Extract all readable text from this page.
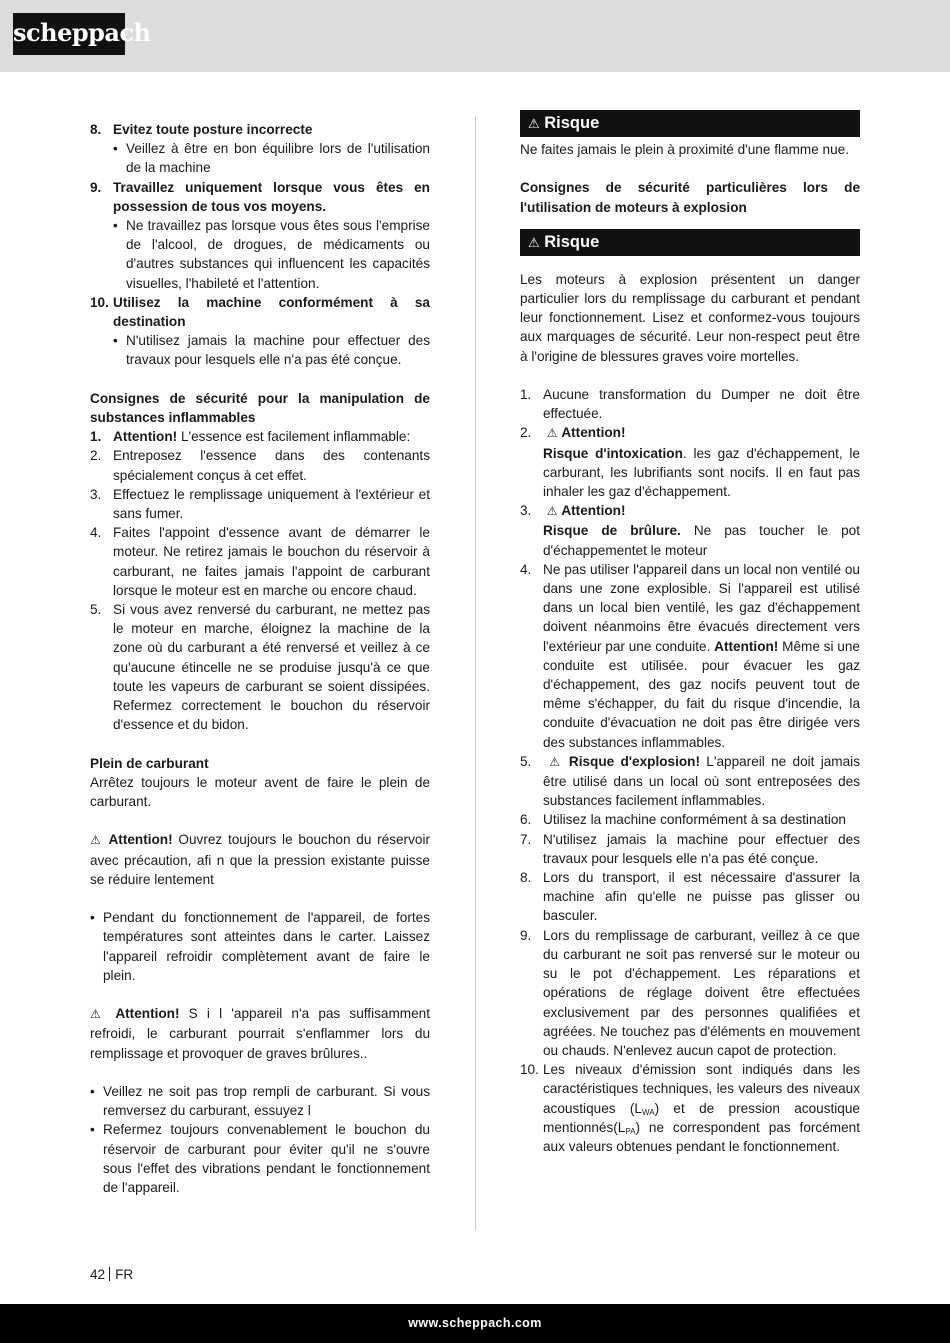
scheppach
8. Evitez toute posture incorrecte
• Veillez à être en bon équilibre lors de l'utilisation de la machine
9. Travaillez uniquement lorsque vous êtes en possession de tous vos moyens.
• Ne travaillez pas lorsque vous êtes sous l'emprise de l'alcool, de drogues, de médicaments ou d'autres substances qui influencent les capacités visuelles, l'habileté et l'attention.
10. Utilisez la machine conformément à sa destination
• N'utilisez jamais la machine pour effectuer des travaux pour lesquels elle n'a pas été conçue.
Consignes de sécurité pour la manipulation de substances inflammables
1. Attention! L'essence est facilement inflammable:
2. Entreposez l'essence dans des contenants spécialement conçus à cet effet.
3. Effectuez le remplissage uniquement à l'extérieur et sans fumer.
4. Faites l'appoint d'essence avant de démarrer le moteur. Ne retirez jamais le bouchon du réservoir à carburant, ne faites jamais l'appoint de carburant lorsque le moteur est en marche ou encore chaud.
5. Si vous avez renversé du carburant, ne mettez pas le moteur en marche, éloignez la machine de la zone où du carburant a été renversé et veillez à ce qu'aucune étincelle ne se produise jusqu'à ce que toute les vapeurs de carburant se soient dissipées. Refermez correctement le bouchon du réservoir d'essence et du bidon.
Plein de carburant
Arrêtez toujours le moteur avent de faire le plein de carburant.
⚠ Attention! Ouvrez toujours le bouchon du réservoir avec précaution, afi n que la pression existante puisse se réduire lentement
• Pendant du fonctionnement de l'appareil, de fortes températures sont atteintes dans le carter. Laissez l'appareil refroidir complètement avant de faire le plein.
⚠ Attention! S i l 'appareil n'a pas suffisamment refroidi, le carburant pourrait s'enflammer lors du remplissage et provoquer de graves brûlures..
• Veillez ne soit pas trop rempli de carburant. Si vous remversez du carburant, essuyez l
• Refermez toujours convenablement le bouchon du réservoir de carburant pour éviter qu'il ne s'ouvre sous l'effet des vibrations pendant le fonctionnement de l'appareil.
⚠ Risque
Ne faites jamais le plein à proximité d'une flamme nue.
Consignes de sécurité particulières lors de l'utilisation de moteurs à explosion
⚠ Risque
Les moteurs à explosion présentent un danger particulier lors du remplissage du carburant et pendant leur fonctionnement. Lisez et conformez-vous toujours aux marquages de sécurité. Leur non-respect peut être à l'origine de blessures graves voire mortelles.
1. Aucune transformation du Dumper ne doit être effectuée.
2. ⚠ Attention!
Risque d'intoxication. les gaz d'échappement, le carburant, les lubrifiants sont nocifs. Il en faut pas inhaler les gaz d'échappement.
3. ⚠ Attention!
Risque de brûlure. Ne pas toucher le pot d'échappementet le moteur
4. Ne pas utiliser l'appareil dans un local non ventilé ou dans une zone explosible. Si l'appareil est utilisé dans un local bien ventilé, les gaz d'échappement doivent néanmoins être évacués directement vers l'extérieur par une conduite. Attention! Même si une conduite est utilisée. pour évacuer les gaz d'échappement, des gaz nocifs peuvent tout de même s'échapper, du fait du risque d'incendie, la conduite d'évacuation ne doit pas être dirigée vers des substances inflammables.
5. ⚠ Risque d'explosion! L'appareil ne doit jamais être utilisé dans un local où sont entreposées des substances facilement inflammables.
6. Utilisez la machine conformément à sa destination
7. N'utilisez jamais la machine pour effectuer des travaux pour lesquels elle n'a pas été conçue.
8. Lors du transport, il est nécessaire d'assurer la machine afin qu'elle ne puisse pas glisser ou basculer.
9. Lors du remplissage de carburant, veillez à ce que du carburant ne soit pas renversé sur le moteur ou su le pot d'échappement. Les réparations et opérations de réglage doivent être effectuées exclusivement par des personnes qualifiées et agréées. Ne touchez pas d'éléments en mouvement ou chauds. N'enlevez aucun capot de protection.
10. Les niveaux d'émission sont indiqués dans les caractéristiques techniques, les valeurs des niveaux acoustiques $(L_{WA})$ et de pression acoustique $mentionnés(L_{PA})$ ne correspondent pas forcément aux valeurs obtenues pendant le fonctionnement.
42 FR
www.scheppach.com
